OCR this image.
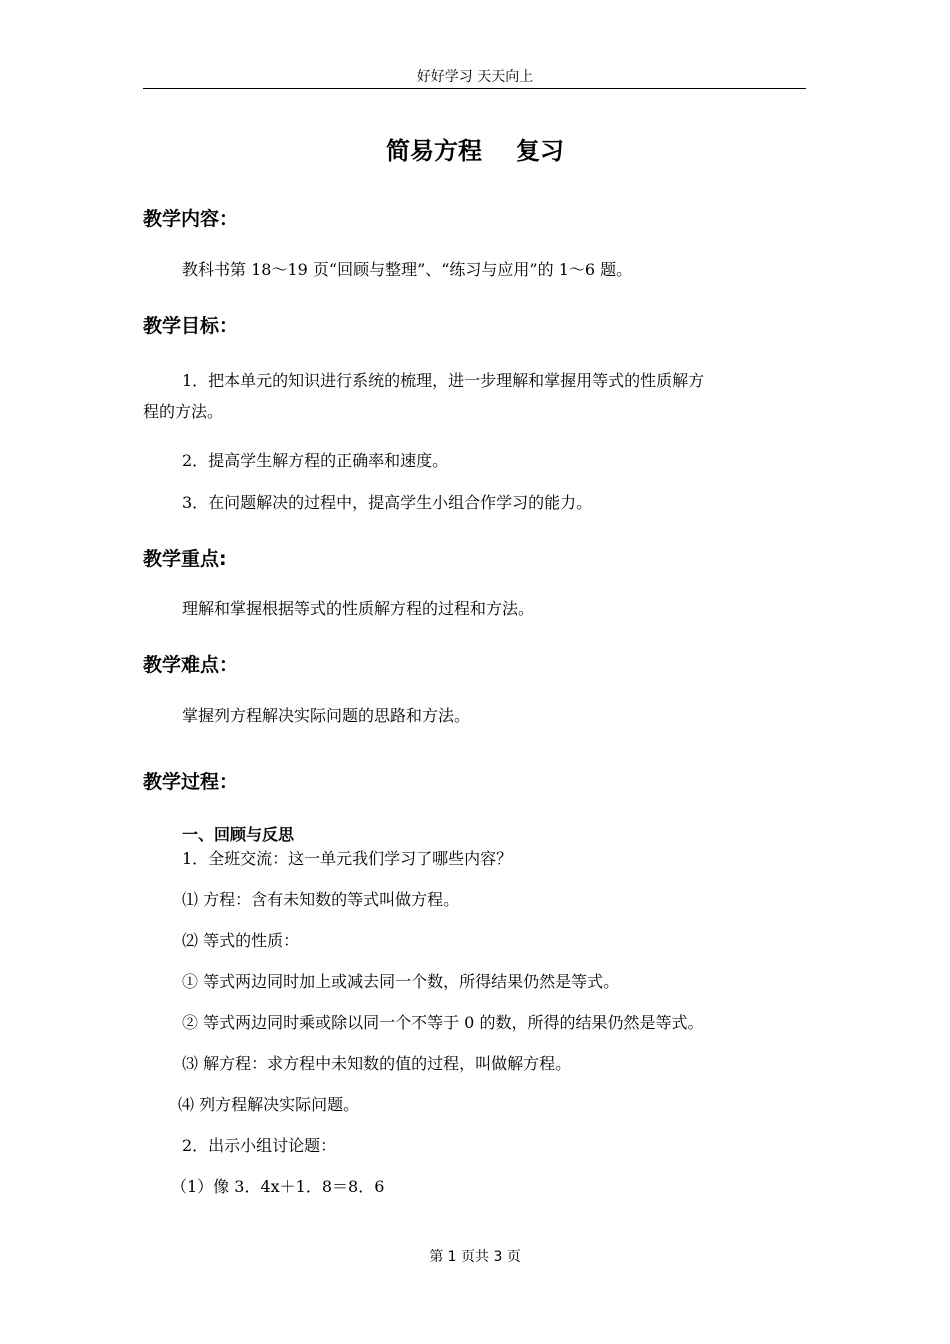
好好学习 天天向上
简易方程 复习
教学内容：
教科书第 18～19 页“回顾与整理”、“练习与应用”的 1～6 题。
教学目标：
1．把本单元的知识进行系统的梳理，进一步理解和掌握用等式的性质解方
程的方法。
2．提高学生解方程的正确率和速度。
3．在问题解决的过程中，提高学生小组合作学习的能力。
教学重点:
理解和掌握根据等式的性质解方程的过程和方法。
教学难点：
掌握列方程解决实际问题的思路和方法。
教学过程：
一、回顾与反思
1．全班交流：这一单元我们学习了哪些内容？
⑴ 方程：含有未知数的等式叫做方程。
⑵ 等式的性质：
① 等式两边同时加上或减去同一个数，所得结果仍然是等式。
② 等式两边同时乘或除以同一个不等于 0 的数，所得的结果仍然是等式。
⑶ 解方程：求方程中未知数的值的过程，叫做解方程。
⑷ 列方程解决实际问题。
2．出示小组讨论题：
（1）像 3．4x＋1．8＝8．6
第 1 页共 3 页
